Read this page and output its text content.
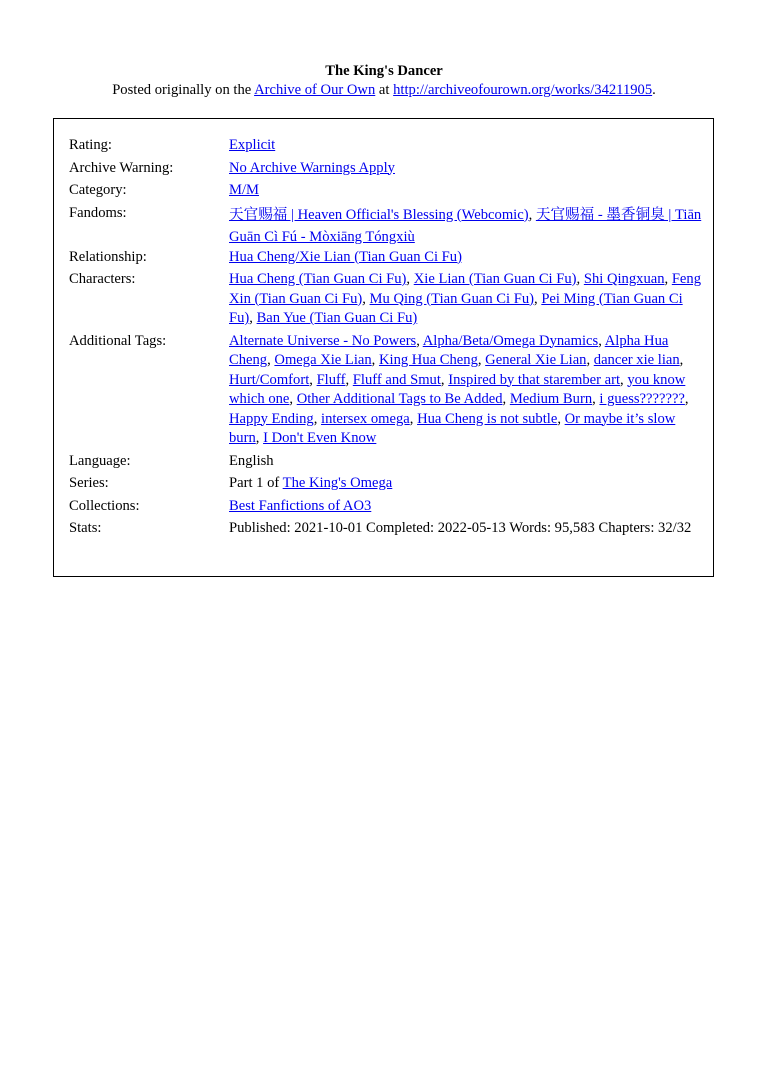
The King's Dancer
Posted originally on the Archive of Our Own at http://archiveofourown.org/works/34211905.
Rating:	Explicit
Archive Warning:	No Archive Warnings Apply
Category:	M/M
Fandoms:	天官赐福 | Heaven Official's Blessing (Webcomic), 天官赐福 - 墨香铜臭 | Tiān Guān Cì Fú - Mòxiāng Tóngxiù
Relationship:	Hua Cheng/Xie Lian (Tian Guan Ci Fu)
Characters:	Hua Cheng (Tian Guan Ci Fu), Xie Lian (Tian Guan Ci Fu), Shi Qingxuan, Feng Xin (Tian Guan Ci Fu), Mu Qing (Tian Guan Ci Fu), Pei Ming (Tian Guan Ci Fu), Ban Yue (Tian Guan Ci Fu)
Additional Tags:	Alternate Universe - No Powers, Alpha/Beta/Omega Dynamics, Alpha Hua Cheng, Omega Xie Lian, King Hua Cheng, General Xie Lian, dancer xie lian, Hurt/Comfort, Fluff, Fluff and Smut, Inspired by that starember art, you know which one, Other Additional Tags to Be Added, Medium Burn, i guess???????, Happy Ending, intersex omega, Hua Cheng is not subtle, Or maybe it’s slow burn, I Don't Even Know
Language:	English
Series:	Part 1 of The King's Omega
Collections:	Best Fanfictions of AO3
Stats:	Published: 2021-10-01 Completed: 2022-05-13 Words: 95,583 Chapters: 32/32
